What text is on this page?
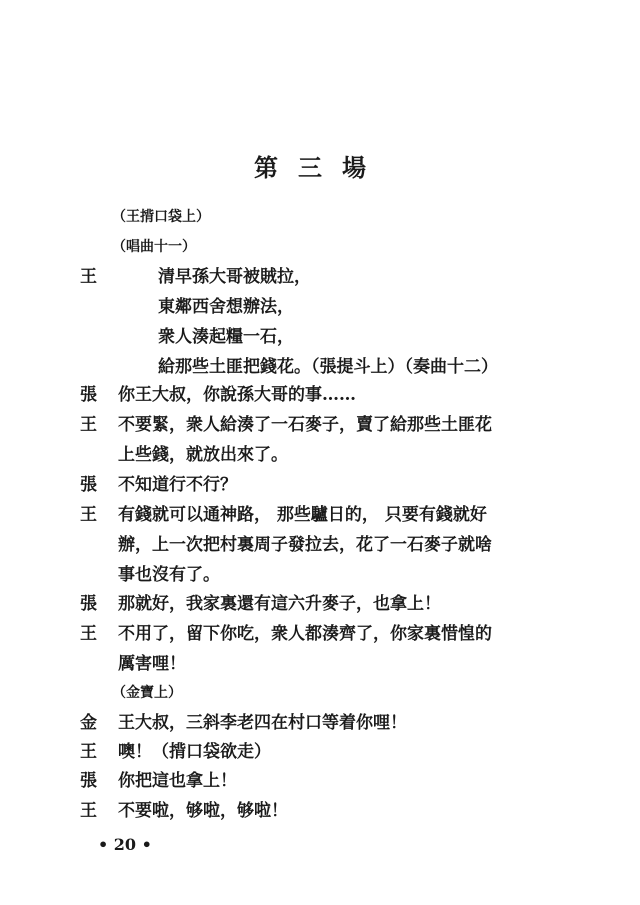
第三場
（王揹口袋上）
（唱曲十一）
王	清早孫大哥被賊拉，
東鄰西舍想辦法，
衆人湊起糧一石，
給那些土匪把錢花。（張提斗上）（奏曲十二）
張 你王大叔，你說孫大哥的事……
王 不要緊，衆人給湊了一石麥子，賣了給那些土匪花
上些錢，就放出來了。
張 不知道行不行？
王 有錢就可以通神路， 那些驢日的， 只要有錢就好
辦，上一次把村裏周子發拉去，花了一石麥子就啥
事也沒有了。
張 那就好，我家裏還有這六升麥子，也拿上！
王 不用了，留下你吃，衆人都湊齊了，你家裏惜惶的
厲害哩！
（金寶上）
金 王大叔，三斜李老四在村口等着你哩！
王 噢！（揹口袋欲走）
張 你把這也拿上！
王 不要啦，够啦，够啦！
• 20 •
